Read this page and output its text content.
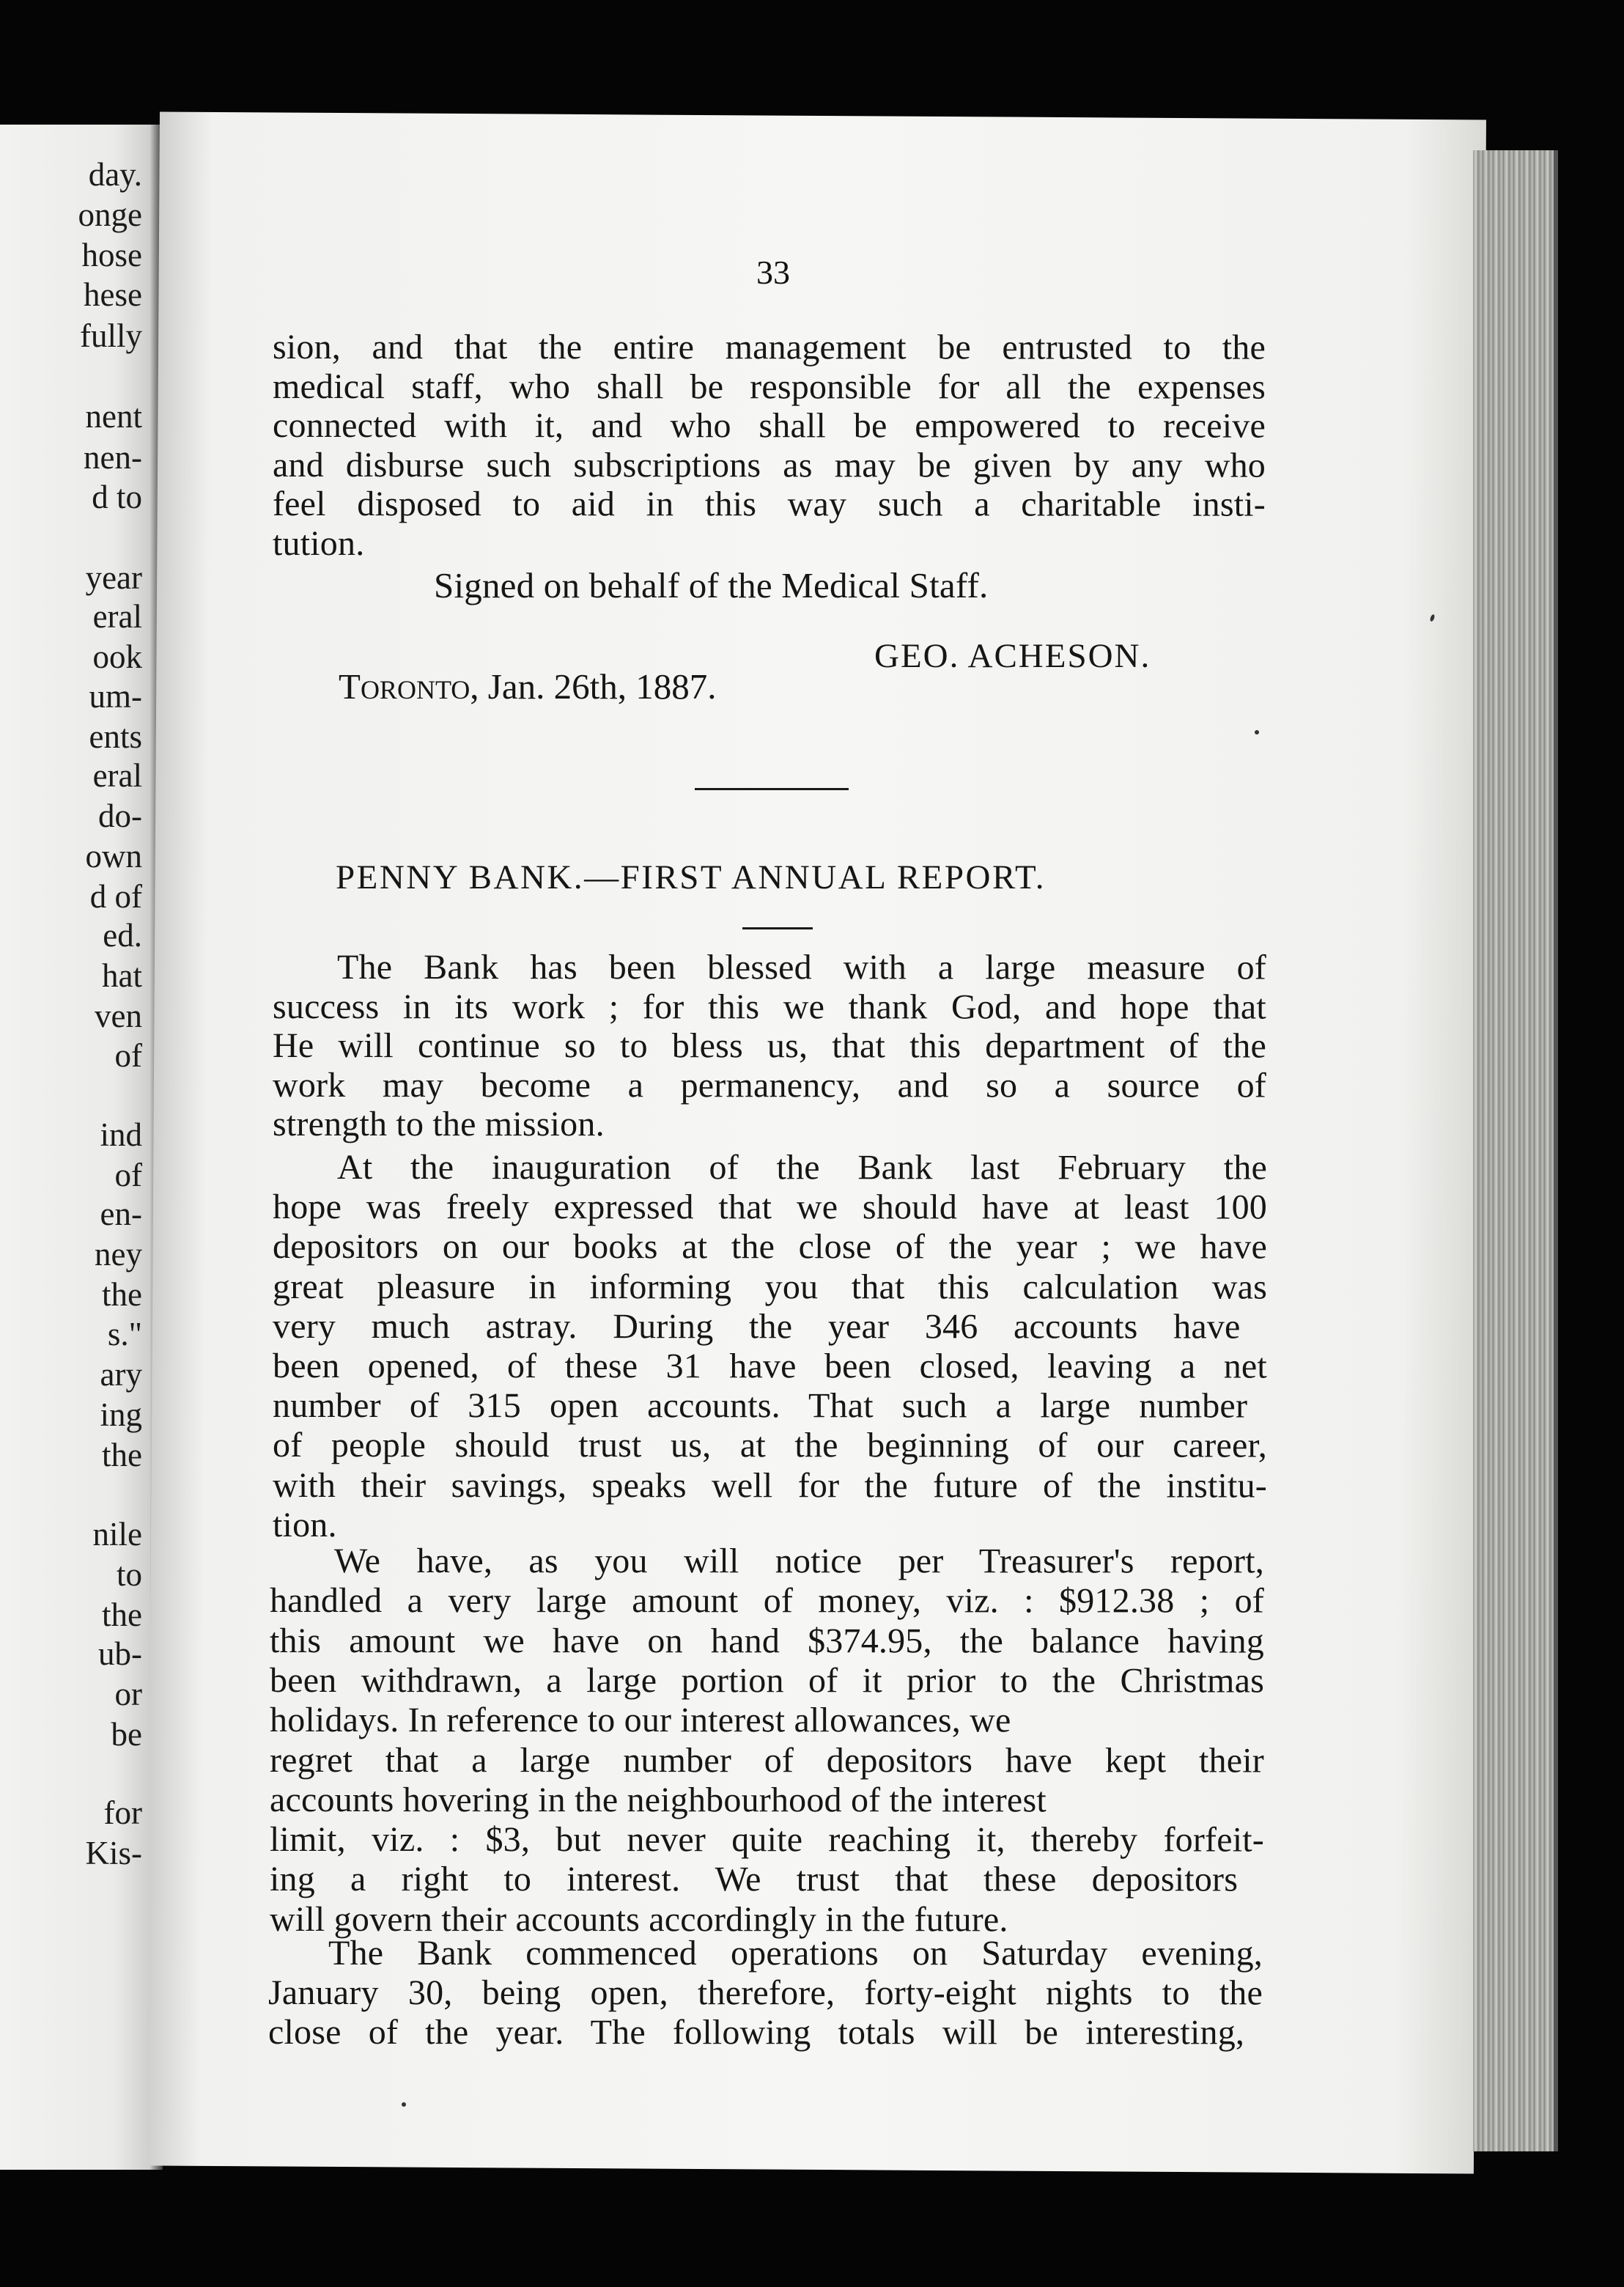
day.
onge
hose
hese
fully
nent
nen-
d to
year
eral
ook
um-
ents
eral
do-
own
d of
ed.
hat
ven
of
ind
of
en-
ney
the
s."
ary
ing
the
nile
to
the
ub-
or
be
for
Kis-
33
sion, and that the entire management be entrusted to the
medical staff, who shall be responsible for all the expenses
connected with it, and who shall be empowered to receive
and disburse such subscriptions as may be given by any who
feel disposed to aid in this way such a charitable insti-
tution.
The Bank has been blessed with a large measure of
success in its work ; for this we thank God, and hope that
He will continue so to bless us, that this department of the
work may become a permanency, and so a source of
strength to the mission.
At the inauguration of the Bank last February the
hope was freely expressed that we should have at least 100
depositors on our books at the close of the year ; we have
great pleasure in informing you that this calculation was
very much astray. During the year 346 accounts have
been opened, of these 31 have been closed, leaving a net
number of 315 open accounts. That such a large number
of people should trust us, at the beginning of our career,
with their savings, speaks well for the future of the institu-
tion.
We have, as you will notice per Treasurer's report,
handled a very large amount of money, viz. : $912.38 ; of
this amount we have on hand $374.95, the balance having
been withdrawn, a large portion of it prior to the Christmas
holidays. In reference to our interest allowances, we
regret that a large number of depositors have kept their
accounts hovering in the neighbourhood of the interest
limit, viz. : $3, but never quite reaching it, thereby forfeit-
ing a right to interest. We trust that these depositors
will govern their accounts accordingly in the future.
The Bank commenced operations on Saturday evening,
January 30, being open, therefore, forty-eight nights to the
close of the year. The following totals will be interesting,
Signed on behalf of the Medical Staff.
GEO. ACHESON.
TORONTO, Jan. 26th, 1887.
PENNY BANK.—FIRST ANNUAL REPORT.
